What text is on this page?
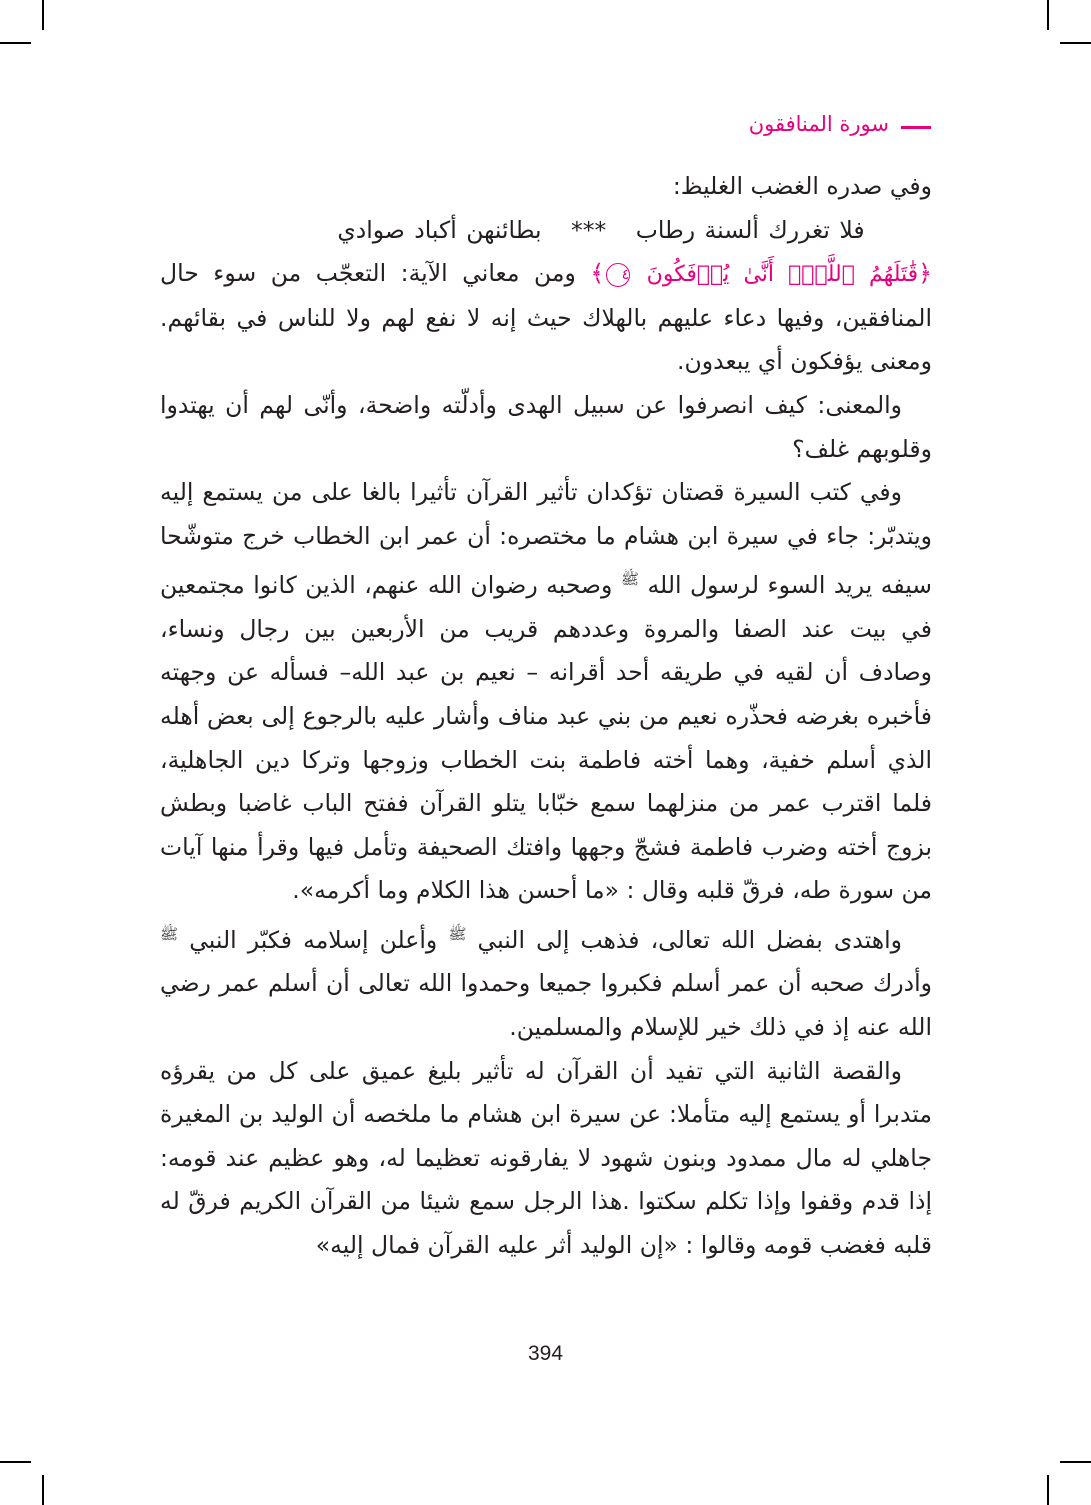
سورة المنافقون

وفي صدره الغضب الغليظ:

فلا تغررك ألسنة رطاب *** بطائنهن أكباد صوادي

﴿قَٰتَلَهُمُ ٱللَّهُۖ أَنَّىٰ يُؤۡفَكُونَ ٤﴾ ومن معاني الآية: التعجّب من سوء حال المنافقين، وفيها دعاء عليهم بالهلاك حيث إنه لا نفع لهم ولا للناس في بقائهم. ومعنى يؤفكون أي يبعدون.

والمعنى: كيف انصرفوا عن سبيل الهدى وأدلّته واضحة، وأنّى لهم أن يهتدوا وقلوبهم غلف؟

وفي كتب السيرة قصتان تؤكدان تأثير القرآن تأثيرا بالغا على من يستمع إليه ويتدبّر: جاء في سيرة ابن هشام ما مختصره: أن عمر ابن الخطاب خرج متوشّحا سيفه يريد السوء لرسول الله $^ﷺ$ وصحبه رضوان الله عنهم، الذين كانوا مجتمعين في بيت عند الصفا والمروة وعددهم قريب من الأربعين بين رجال ونساء، وصادف أن لقيه في طريقه أحد أقرانه – نعيم بن عبد الله– فسأله عن وجهته فأخبره بغرضه فحذّره نعيم من بني عبد مناف وأشار عليه بالرجوع إلى بعض أهله الذي أسلم خفية، وهما أخته فاطمة بنت الخطاب وزوجها وتركا دين الجاهلية، فلما اقترب عمر من منزلهما سمع خبّابا يتلو القرآن ففتح الباب غاضبا وبطش بزوج أخته وضرب فاطمة فشجّ وجهها وافتك الصحيفة وتأمل فيها وقرأ منها آيات من سورة طه، فرقّ قلبه وقال : «ما أحسن هذا الكلام وما أكرمه».

واهتدى بفضل الله تعالى، فذهب إلى النبي $^ﷺ$ وأعلن إسلامه فكبّر النبي $^ﷺ$ وأدرك صحبه أن عمر أسلم فكبروا جميعا وحمدوا الله تعالى أن أسلم عمر رضي الله عنه إذ في ذلك خير للإسلام والمسلمين.

والقصة الثانية التي تفيد أن القرآن له تأثير بليغ عميق على كل من يقرؤه متدبرا أو يستمع إليه متأملا: عن سيرة ابن هشام ما ملخصه أن الوليد بن المغيرة جاهلي له مال ممدود وبنون شهود لا يفارقونه تعظيما له، وهو عظيم عند قومه: إذا قدم وقفوا وإذا تكلم سكتوا .هذا الرجل سمع شيئا من القرآن الكريم فرقّ له قلبه فغضب قومه وقالوا : «إن الوليد أثر عليه القرآن فمال إليه»

394
